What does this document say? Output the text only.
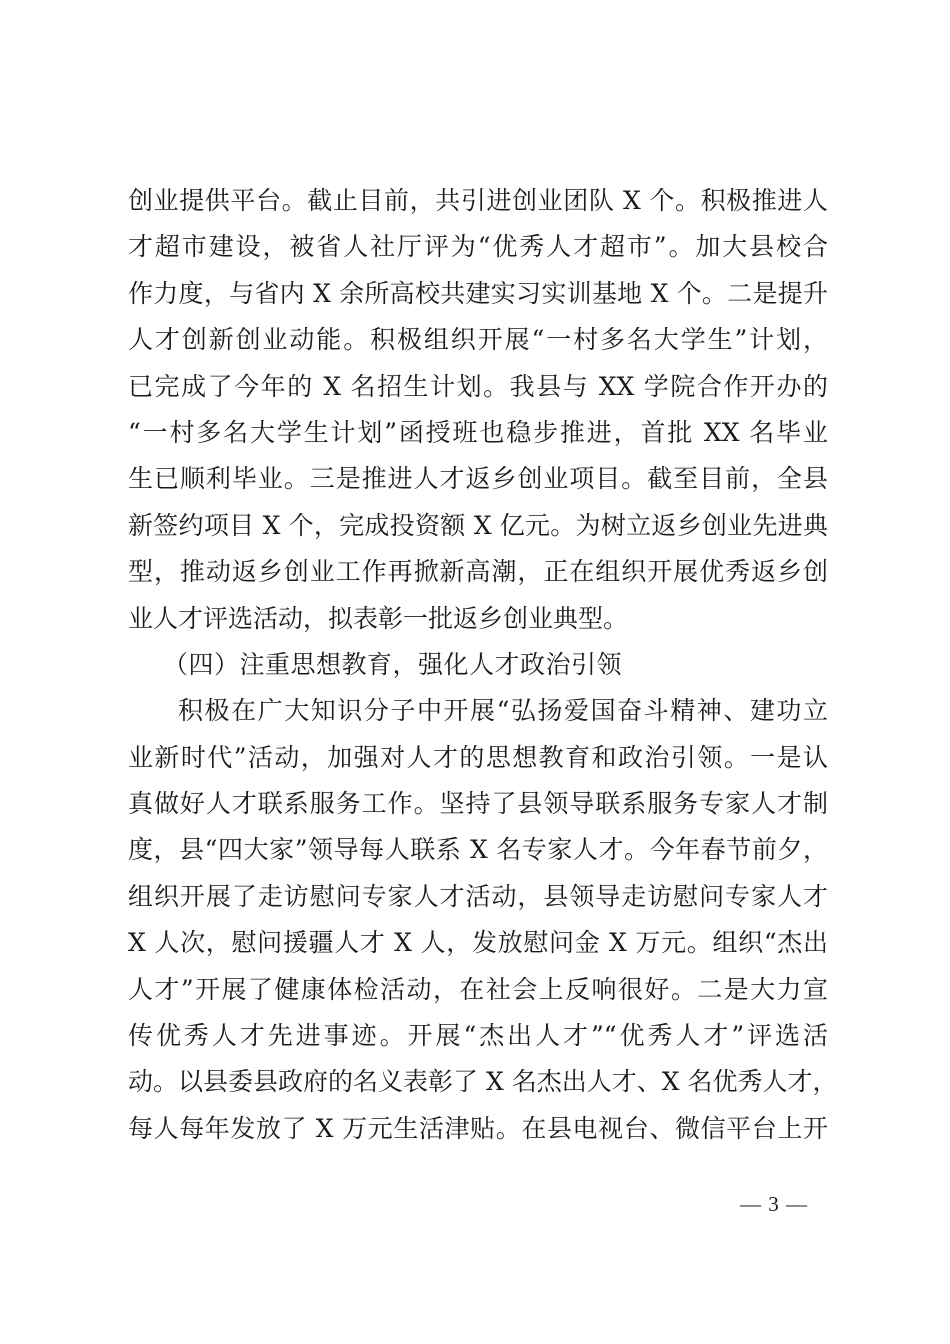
创业提供平台。截止目前，共引进创业团队 X 个。积极推进人
才超市建设，被省人社厅评为“优秀人才超市”。加大县校合
作力度，与省内 X 余所高校共建实习实训基地 X 个。二是提升
人才创新创业动能。积极组织开展“一村多名大学生”计划，
已完成了今年的 X 名招生计划。我县与 XX 学院合作开办的
“一村多名大学生计划”函授班也稳步推进，首批 XX 名毕业
生已顺利毕业。三是推进人才返乡创业项目。截至目前，全县
新签约项目 X 个，完成投资额 X 亿元。为树立返乡创业先进典
型，推动返乡创业工作再掀新高潮，正在组织开展优秀返乡创
业人才评选活动，拟表彰一批返乡创业典型。
（四）注重思想教育，强化人才政治引领
积极在广大知识分子中开展“弘扬爱国奋斗精神、建功立
业新时代”活动，加强对人才的思想教育和政治引领。一是认
真做好人才联系服务工作。坚持了县领导联系服务专家人才制
度，县“四大家”领导每人联系 X 名专家人才。今年春节前夕，
组织开展了走访慰问专家人才活动，县领导走访慰问专家人才
X 人次，慰问援疆人才 X 人，发放慰问金 X 万元。组织“杰出
人才”开展了健康体检活动，在社会上反响很好。二是大力宣
传优秀人才先进事迹。开展“杰出人才”“优秀人才”评选活
动。以县委县政府的名义表彰了 X 名杰出人才、X 名优秀人才，
每人每年发放了 X 万元生活津贴。在县电视台、微信平台上开
— 3 —
